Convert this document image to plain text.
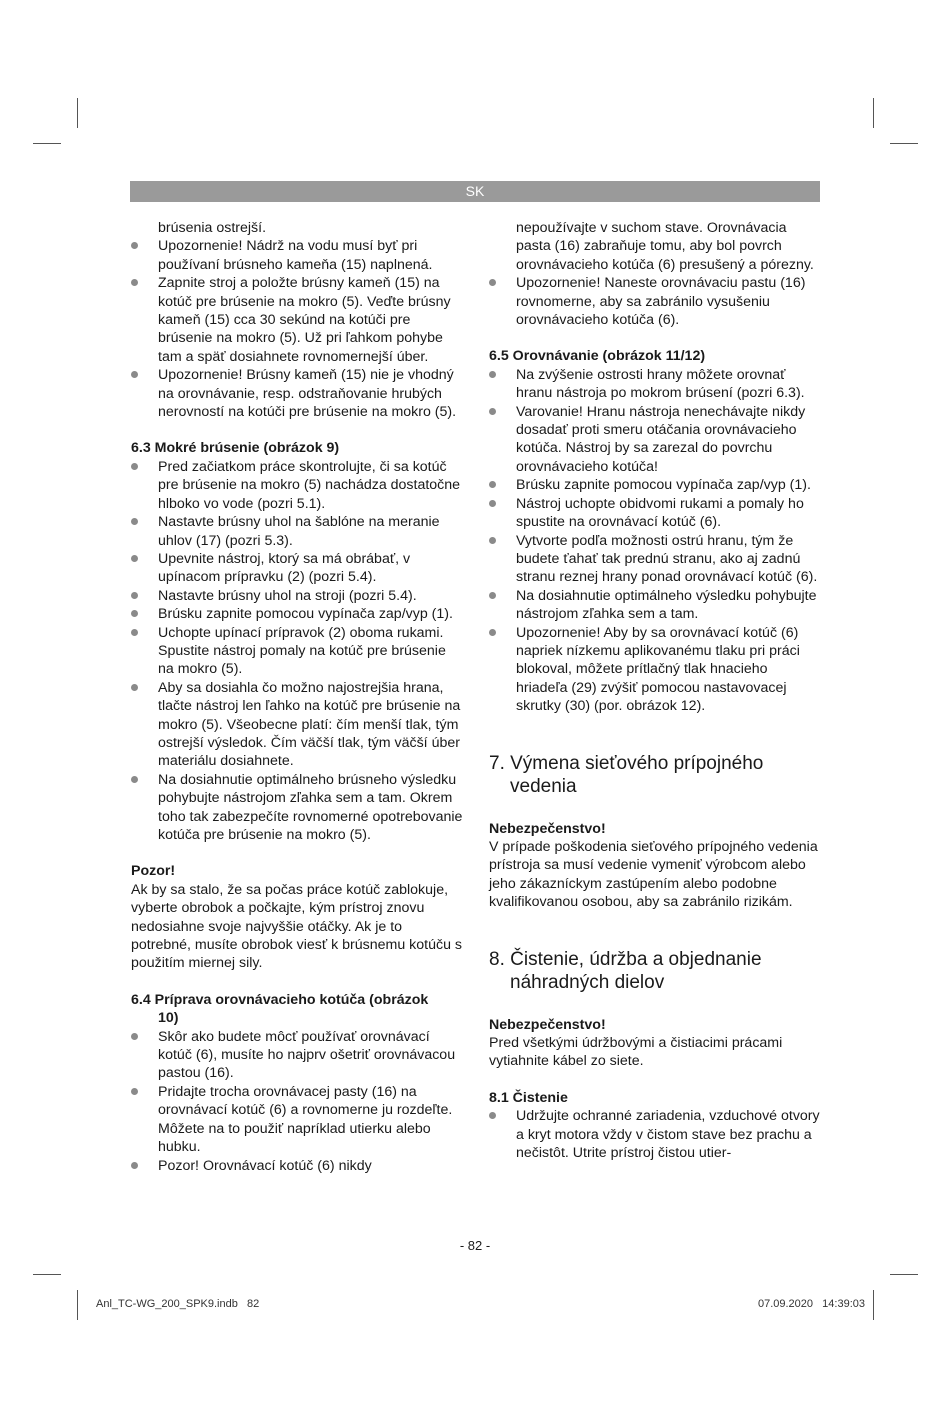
SK

brúsenia ostrejší.

Upozornenie! Nádrž na vodu musí byť pri používaní brúsneho kameňa (15) naplnená.
Zapnite stroj a položte brúsny kameň (15) na kotúč pre brúsenie na mokro (5). Veďte brúsny kameň (15) cca 30 sekúnd na kotúči pre brúsenie na mokro (5). Už pri ľahkom pohybe tam a späť dosiahnete rovnomernejší úber.
Upozornenie! Brúsny kameň (15) nie je vhodný na orovnávanie, resp. odstraňovanie hrubých nerovností na kotúči pre brúsenie na mokro (5).
6.3 Mokré brúsenie (obrázok 9)
Pred začiatkom práce skontrolujte, či sa kotúč pre brúsenie na mokro (5) nachádza dostatočne hlboko vo vode (pozri 5.1).
Nastavte brúsny uhol na šablóne na meranie uhlov (17) (pozri 5.3).
Upevnite nástroj, ktorý sa má obrábať, v upínacom prípravku (2) (pozri 5.4).
Nastavte brúsny uhol na stroji (pozri 5.4).
Brúsku zapnite pomocou vypínača zap/vyp (1).
Uchopte upínací prípravok (2) oboma rukami. Spustite nástroj pomaly na kotúč pre brúsenie na mokro (5).
Aby sa dosiahla čo možno najostrejšia hrana, tlačte nástroj len ľahko na kotúč pre brúsenie na mokro (5). Všeobecne platí: čím menší tlak, tým ostrejší výsledok. Čím väčší tlak, tým väčší úber materiálu dosiahnete.
Na dosiahnutie optimálneho brúsneho výsledku pohybujte nástrojom zľahka sem a tam. Okrem toho tak zabezpečíte rovnomerné opotrebovanie kotúča pre brúsenie na mokro (5).

Pozor!

Ak by sa stalo, že sa počas práce kotúč zablokuje, vyberte obrobok a počkajte, kým prístroj znovu nedosiahne svoje najvyššie otáčky. Ak je to potrebné, musíte obrobok viesť k brúsnemu kotúču s použitím miernej sily.

6.4 Príprava orovnávacieho kotúča (obrázok
10)
Skôr ako budete môcť používať orovnávací kotúč (6), musíte ho najprv ošetriť orovnávacou pastou (16).
Pridajte trocha orovnávacej pasty (16) na orovnávací kotúč (6) a rovnomerne ju rozdeľte. Môžete na to použiť napríklad utierku alebo hubku.
Pozor! Orovnávací kotúč (6) nikdy

nepoužívajte v suchom stave. Orovnávacia pasta (16) zabraňuje tomu, aby bol povrch orovnávacieho kotúča (6) presušený a pórezny.

Upozornenie! Naneste orovnávaciu pastu (16) rovnomerne, aby sa zabránilo vysušeniu orovnávacieho kotúča (6).
6.5 Orovnávanie (obrázok 11/12)
Na zvýšenie ostrosti hrany môžete orovnať hranu nástroja po mokrom brúsení (pozri 6.3).
Varovanie! Hranu nástroja nenechávajte nikdy dosadať proti smeru otáčania orovnávacieho kotúča. Nástroj by sa zarezal do povrchu orovnávacieho kotúča!
Brúsku zapnite pomocou vypínača zap/vyp (1).
Nástroj uchopte obidvomi rukami a pomaly ho spustite na orovnávací kotúč (6).
Vytvorte podľa možnosti ostrú hranu, tým že budete ťahať tak prednú stranu, ako aj zadnú stranu reznej hrany ponad orovnávací kotúč (6).
Na dosiahnutie optimálneho výsledku pohybujte nástrojom zľahka sem a tam.
Upozornenie! Aby by sa orovnávací kotúč (6) napriek nízkemu aplikovanému tlaku pri práci blokoval, môžete prítlačný tlak hnacieho hriadeľa (29) zvýšiť pomocou nastavovacej skrutky (30) (por. obrázok 12).
7. Výmena sieťového prípojného vedenia

Nebezpečenstvo!

V prípade poškodenia sieťového prípojného vedenia prístroja sa musí vedenie vymeniť výrobcom alebo jeho zákazníckym zastúpením alebo podobne kvalifikovanou osobou, aby sa zabránilo rizikám.

8. Čistenie, údržba a objednanie náhradných dielov

Nebezpečenstvo!

Pred všetkými údržbovými a čistiacimi prácami vytiahnite kábel zo siete.

8.1 Čistenie
Udržujte ochranné zariadenia, vzduchové otvory a kryt motora vždy v čistom stave bez prachu a nečistôt. Utrite prístroj čistou utier-
- 82 -
Anl_TC-WG_200_SPK9.indb   82	07.09.2020   14:39:03
